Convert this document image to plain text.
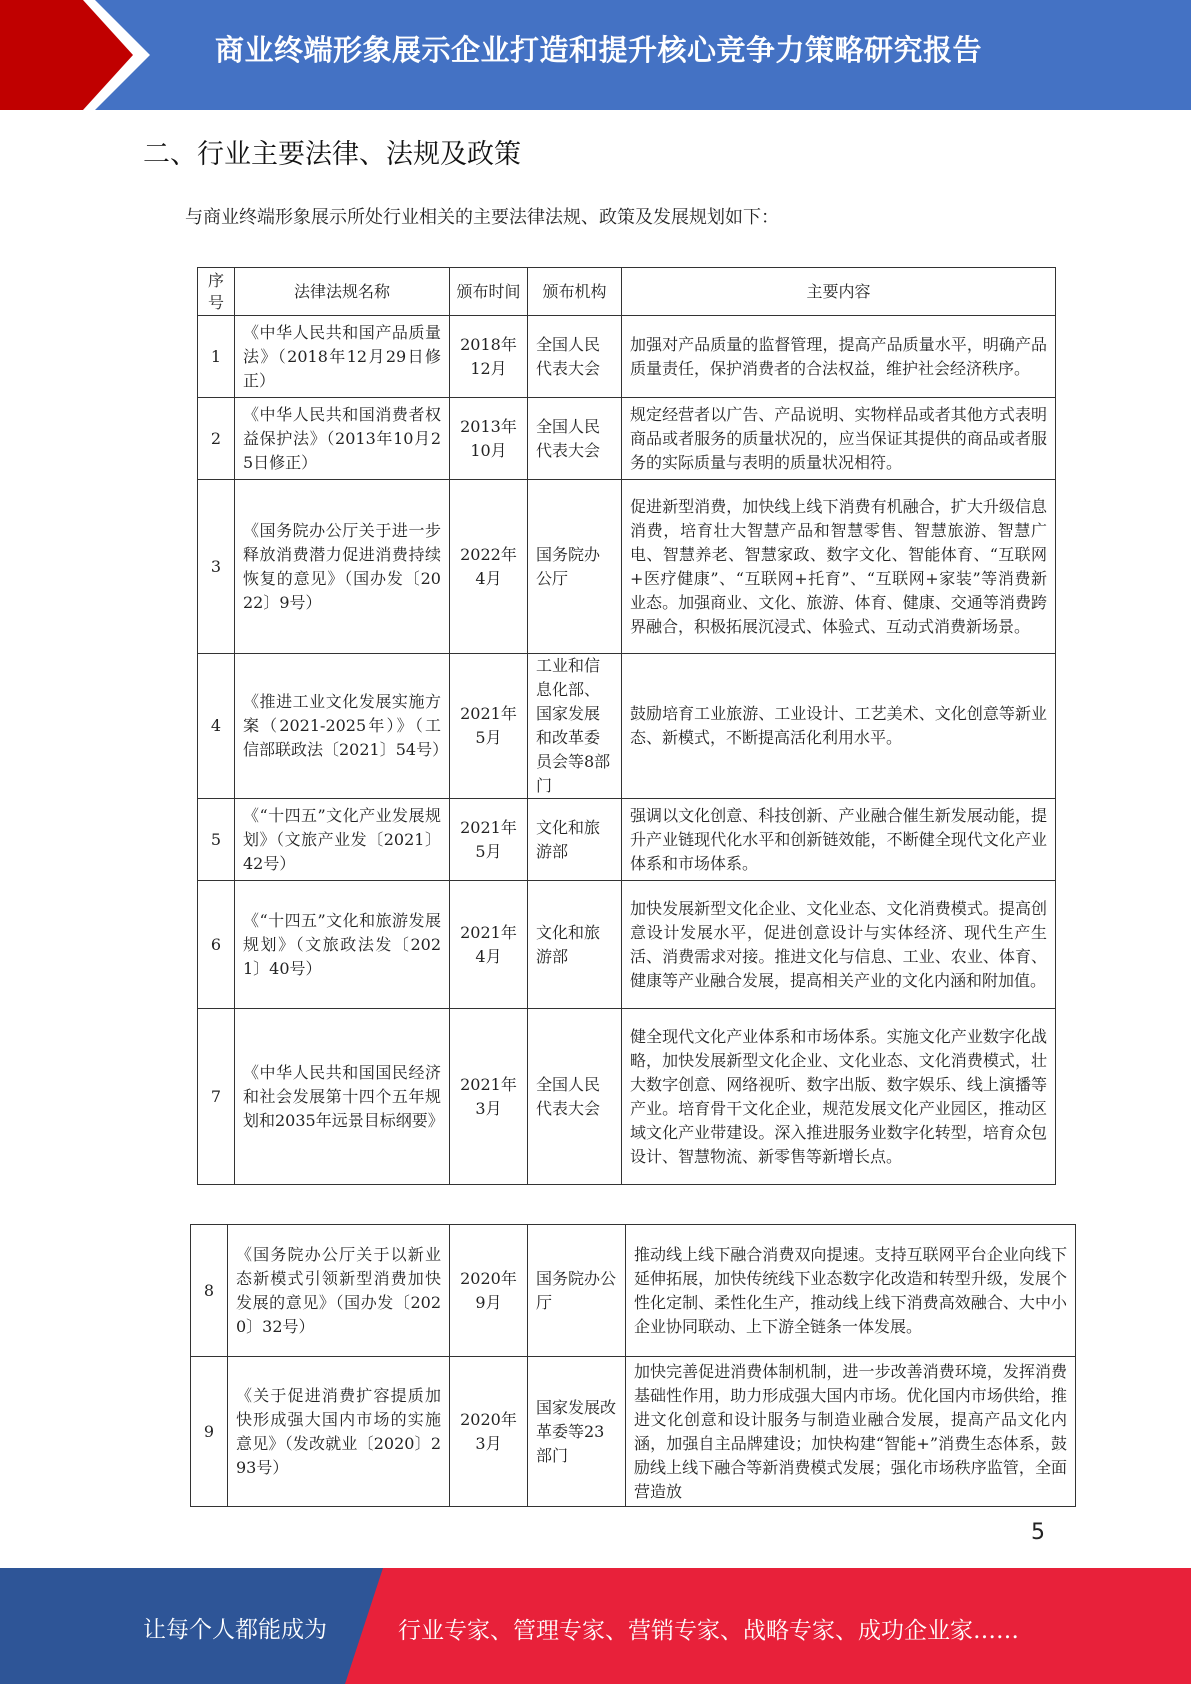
商业终端形象展示企业打造和提升核心竞争力策略研究报告
二、行业主要法律、法规及政策
与商业终端形象展示所处行业相关的主要法律法规、政策及发展规划如下：
序号	法律法规名称	颁布时间	颁布机构	主要内容
1	《中华人民共和国产品质量法》（2018年12月29日修正）	2018年12月	全国人民代表大会	加强对产品质量的监督管理，提高产品质量水平，明确产品质量责任，保护消费者的合法权益，维护社会经济秩序。
2	《中华人民共和国消费者权益保护法》（2013年10月25日修正）	2013年10月	全国人民代表大会	规定经营者以广告、产品说明、实物样品或者其他方式表明商品或者服务的质量状况的，应当保证其提供的商品或者服务的实际质量与表明的质量状况相符。
3	《国务院办公厅关于进一步释放消费潜力促进消费持续恢复的意见》（国办发〔2022〕9号）	2022年4月	国务院办公厅	促进新型消费，加快线上线下消费有机融合，扩大升级信息消费，培育壮大智慧产品和智慧零售、智慧旅游、智慧广电、智慧养老、智慧家政、数字文化、智能体育、“互联网+医疗健康”、“互联网+托育”、“互联网+家装”等消费新业态。加强商业、文化、旅游、体育、健康、交通等消费跨界融合，积极拓展沉浸式、体验式、互动式消费新场景。
4	《推进工业文化发展实施方案（2021-2025年）》（工信部联政法〔2021〕54号）	2021年5月	工业和信息化部、国家发展和改革委员会等8部门	鼓励培育工业旅游、工业设计、工艺美术、文化创意等新业态、新模式，不断提高活化利用水平。
5	《“十四五”文化产业发展规划》（文旅产业发〔2021〕42号）	2021年5月	文化和旅游部	强调以文化创意、科技创新、产业融合催生新发展动能，提升产业链现代化水平和创新链效能，不断健全现代文化产业体系和市场体系。
6	《“十四五”文化和旅游发展规划》（文旅政法发〔2021〕40号）	2021年4月	文化和旅游部	加快发展新型文化企业、文化业态、文化消费模式。提高创意设计发展水平，促进创意设计与实体经济、现代生产生活、消费需求对接。推进文化与信息、工业、农业、体育、健康等产业融合发展，提高相关产业的文化内涵和附加值。
7	《中华人民共和国国民经济和社会发展第十四个五年规划和2035年远景目标纲要》	2021年3月	全国人民代表大会	健全现代文化产业体系和市场体系。实施文化产业数字化战略，加快发展新型文化企业、文化业态、文化消费模式，壮大数字创意、网络视听、数字出版、数字娱乐、线上演播等产业。培育骨干文化企业，规范发展文化产业园区，推动区域文化产业带建设。深入推进服务业数字化转型，培育众包设计、智慧物流、新零售等新增长点。
8	《国务院办公厅关于以新业态新模式引领新型消费加快发展的意见》（国办发〔2020〕32号）	2020年9月	国务院办公厅	推动线上线下融合消费双向提速。支持互联网平台企业向线下延伸拓展，加快传统线下业态数字化改造和转型升级，发展个性化定制、柔性化生产，推动线上线下消费高效融合、大中小企业协同联动、上下游全链条一体发展。
9	《关于促进消费扩容提质加快形成强大国内市场的实施意见》（发改就业〔2020〕293号）	2020年3月	国家发展改革委等23部门	加快完善促进消费体制机制，进一步改善消费环境，发挥消费基础性作用，助力形成强大国内市场。优化国内市场供给，推进文化创意和设计服务与制造业融合发展，提高产品文化内涵，加强自主品牌建设；加快构建“智能+”消费生态体系，鼓励线上线下融合等新消费模式发展；强化市场秩序监管，全面营造放
5
让每个人都能成为	行业专家、管理专家、营销专家、战略专家、成功企业家……
